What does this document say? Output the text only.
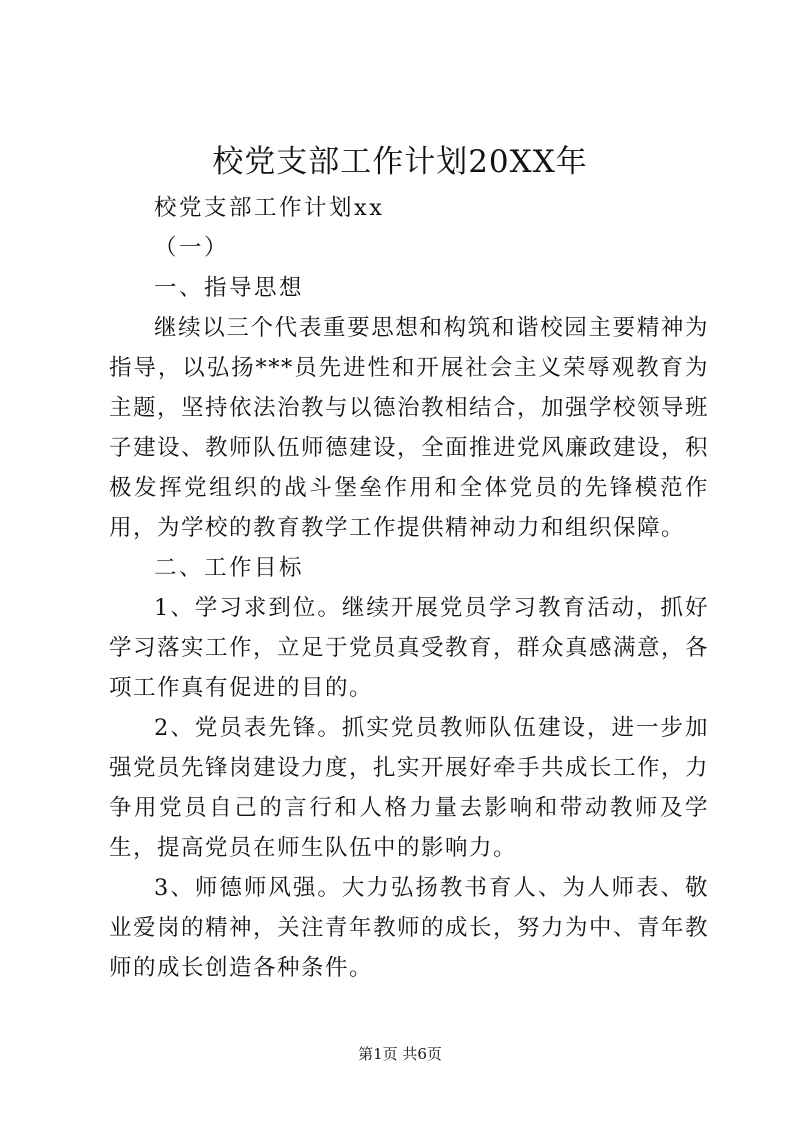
校党支部工作计划20XX年

校党支部工作计划xx

（一）

一、指导思想

继续以三个代表重要思想和构筑和谐校园主要精神为指导，以弘扬***员先进性和开展社会主义荣辱观教育为主题，坚持依法治教与以德治教相结合，加强学校领导班子建设、教师队伍师德建设，全面推进党风廉政建设，积极发挥党组织的战斗堡垒作用和全体党员的先锋模范作用，为学校的教育教学工作提供精神动力和组织保障。

二、工作目标

1、学习求到位。继续开展党员学习教育活动，抓好学习落实工作，立足于党员真受教育，群众真感满意，各项工作真有促进的目的。

2、党员表先锋。抓实党员教师队伍建设，进一步加强党员先锋岗建设力度，扎实开展好牵手共成长工作，力争用党员自己的言行和人格力量去影响和带动教师及学生，提高党员在师生队伍中的影响力。

3、师德师风强。大力弘扬教书育人、为人师表、敬业爱岗的精神，关注青年教师的成长，努力为中、青年教师的成长创造各种条件。

第1页 共6页
